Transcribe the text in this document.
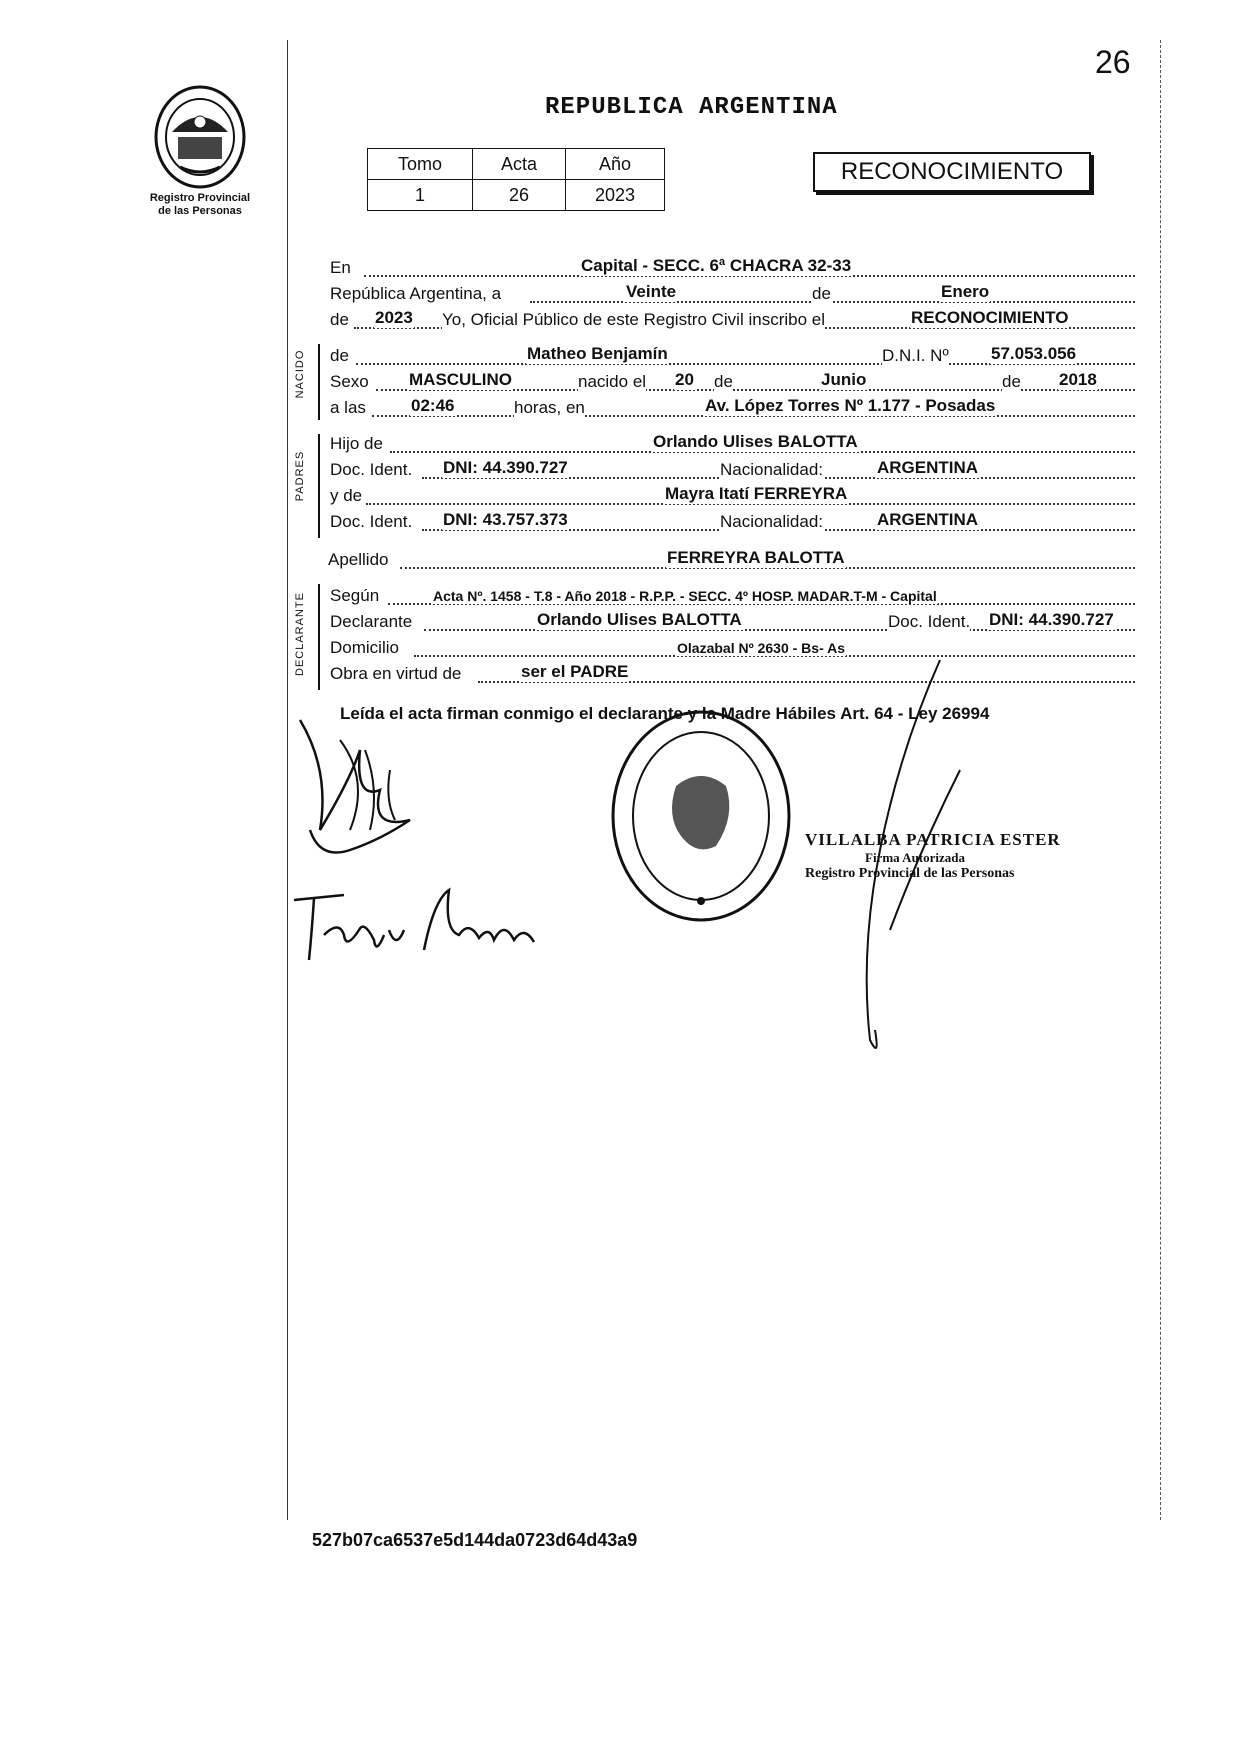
26
Registro Provincial
de las Personas
REPUBLICA ARGENTINA
Tomo	Acta	Año
1	26	2023
RECONOCIMIENTO
En	Capital - SECC. 6ª CHACRA 32-33
República Argentina, a	Veinte	de	Enero
de 2023 Yo, Oficial Público de este Registro Civil inscribo el	RECONOCIMIENTO
NACIDO de	Matheo Benjamín	D.N.I. Nº 57.053.056
Sexo MASCULINO	nacido el 20 de	Junio	de 2018
a las	02:46	horas, en	Av. López Torres Nº 1.177 - Posadas
PADRES
Hijo de	Orlando Ulises BALOTTA
Doc. Ident. DNI: 44.390.727	Nacionalidad:	ARGENTINA
y de	Mayra Itatí FERREYRA
Doc. Ident. DNI: 43.757.373	Nacionalidad:	ARGENTINA
Apellido	FERREYRA BALOTTA
DECLARANTE Según	Acta Nº. 1458 - T.8 - Año 2018 - R.P.P. - SECC. 4º HOSP. MADAR.T-M - Capital
Declarante	Orlando Ulises BALOTTA	Doc. Ident. DNI: 44.390.727
Domicilio	Olazabal Nº 2630 - Bs- As
Obra en virtud de	ser el PADRE
Leída el acta firman conmigo el declarante y la Madre Hábiles Art. 64 - Ley 26994
VILLALBA PATRICIA ESTER
Firma Autorizada
Registro Provincial de las Personas
527b07ca6537e5d144da0723d64d43a9
